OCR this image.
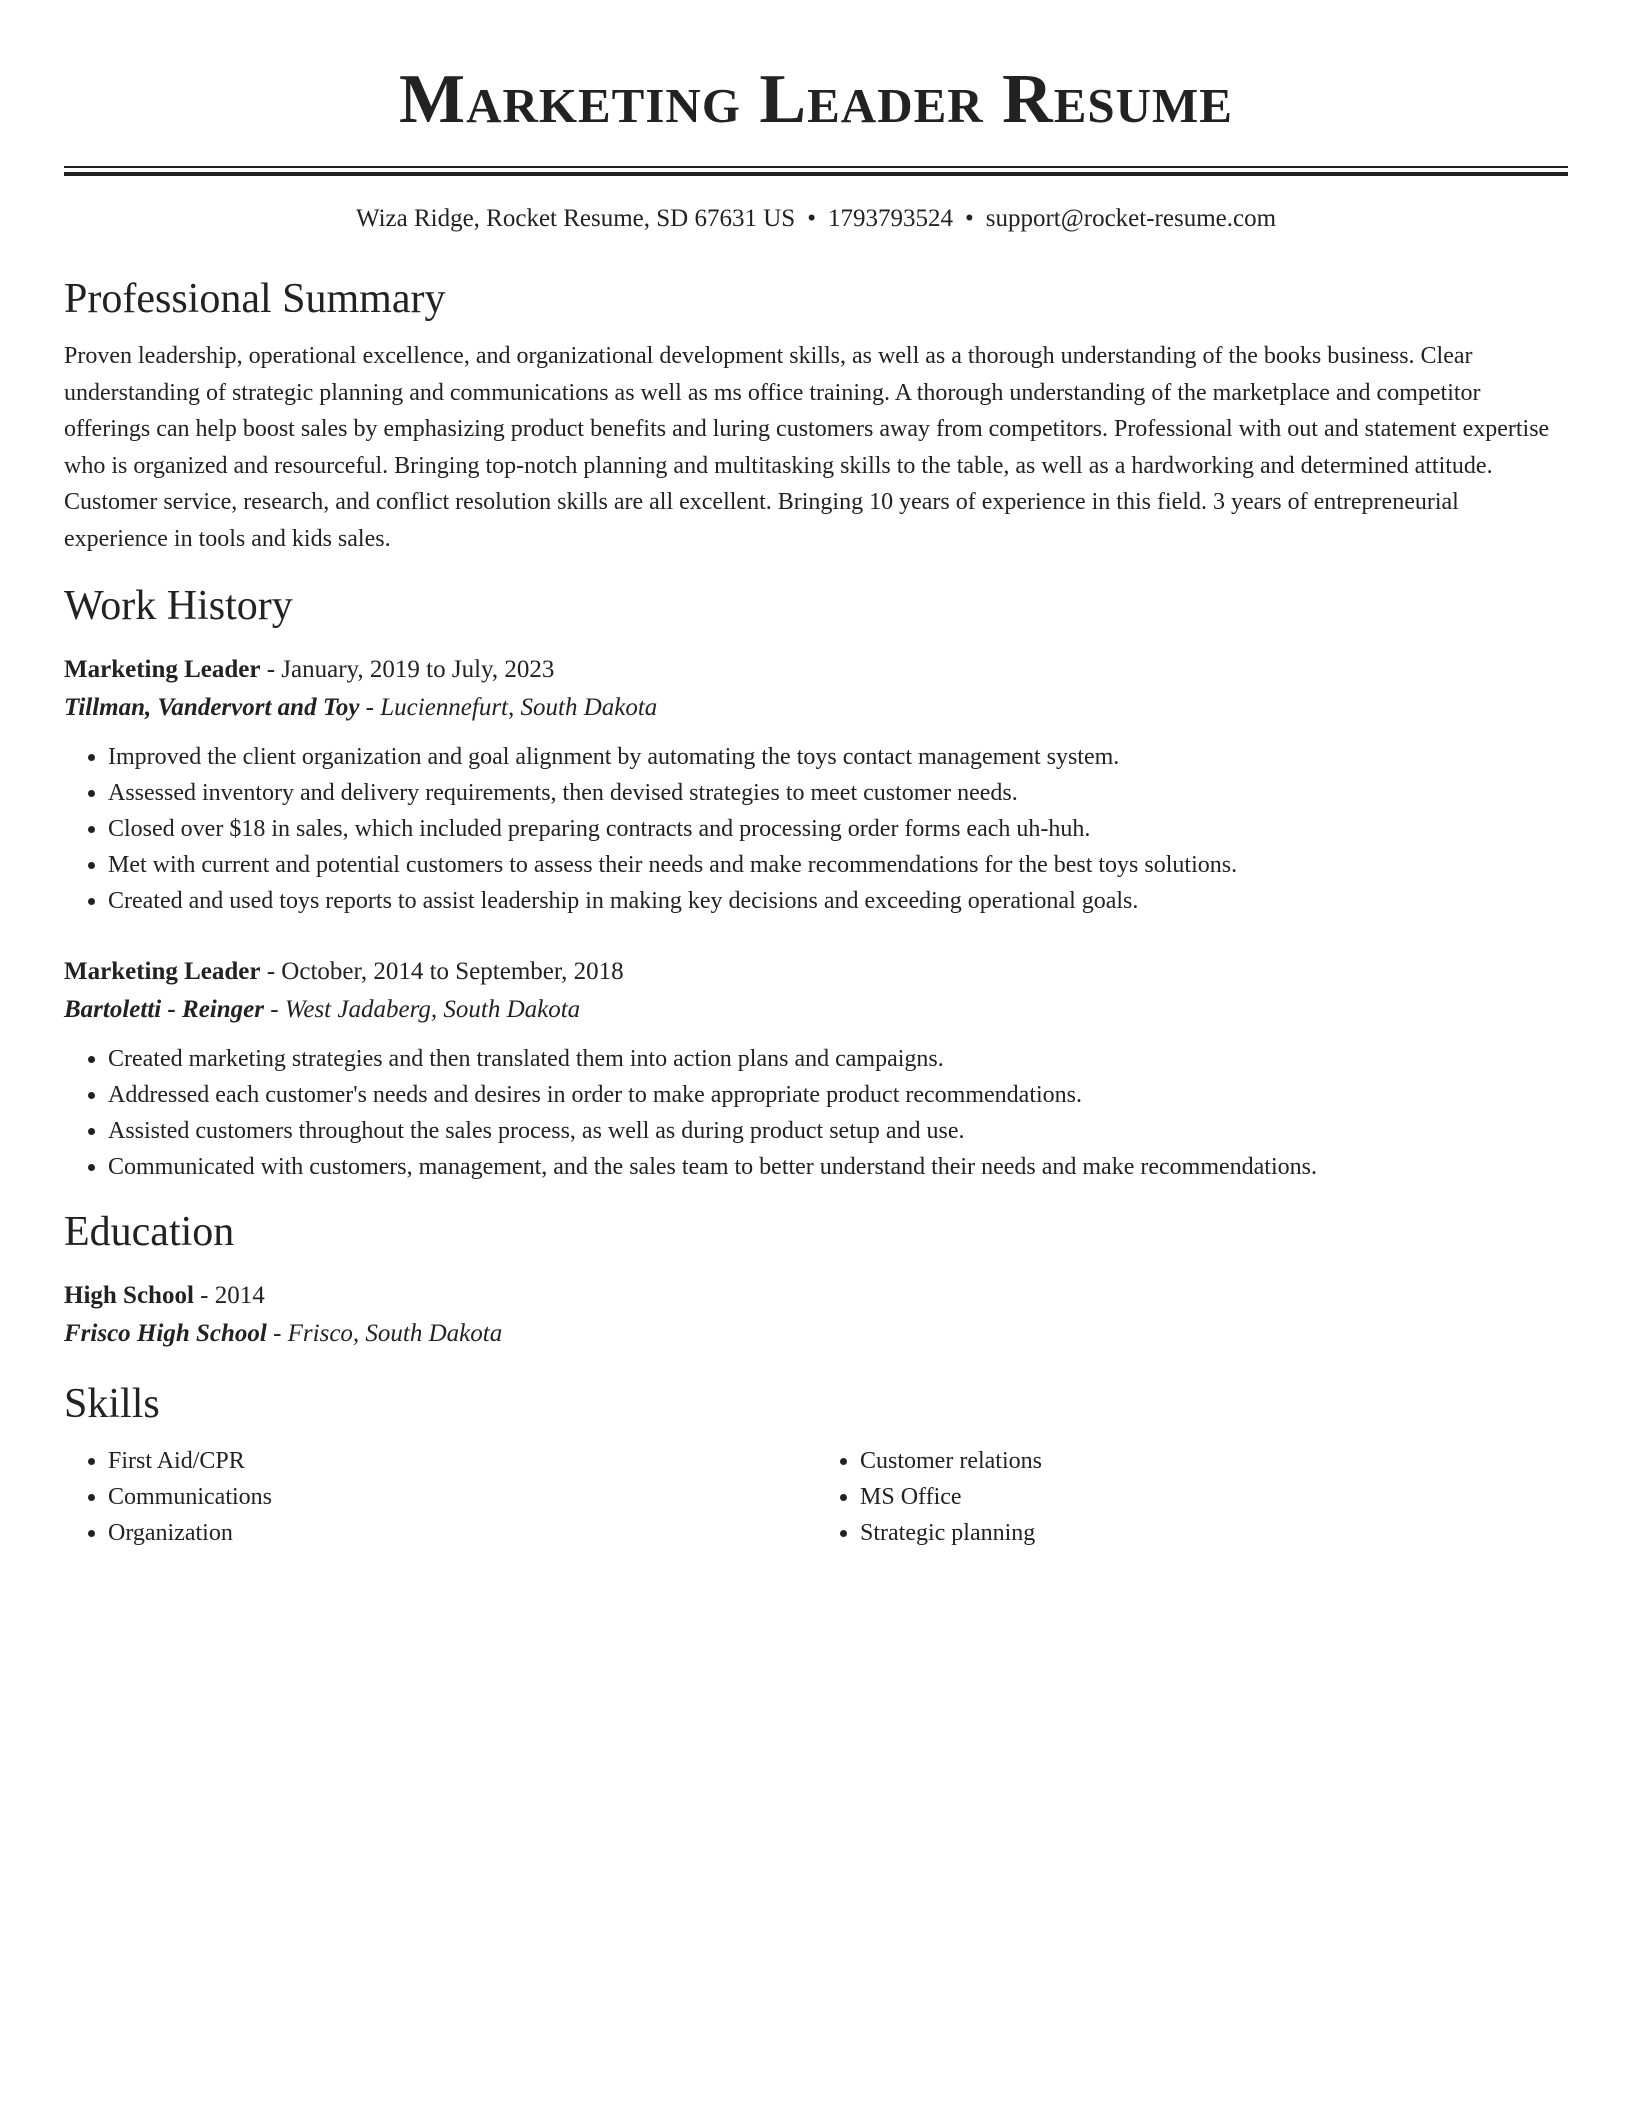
Marketing Leader Resume
Wiza Ridge, Rocket Resume, SD 67631 US • 1793793524 • support@rocket-resume.com
Professional Summary
Proven leadership, operational excellence, and organizational development skills, as well as a thorough understanding of the books business. Clear understanding of strategic planning and communications as well as ms office training. A thorough understanding of the marketplace and competitor offerings can help boost sales by emphasizing product benefits and luring customers away from competitors. Professional with out and statement expertise who is organized and resourceful. Bringing top-notch planning and multitasking skills to the table, as well as a hardworking and determined attitude. Customer service, research, and conflict resolution skills are all excellent. Bringing 10 years of experience in this field. 3 years of entrepreneurial experience in tools and kids sales.
Work History
Marketing Leader - January, 2019 to July, 2023
Tillman, Vandervort and Toy - Luciennefurt, South Dakota
• Improved the client organization and goal alignment by automating the toys contact management system.
• Assessed inventory and delivery requirements, then devised strategies to meet customer needs.
• Closed over $18 in sales, which included preparing contracts and processing order forms each uh-huh.
• Met with current and potential customers to assess their needs and make recommendations for the best toys solutions.
• Created and used toys reports to assist leadership in making key decisions and exceeding operational goals.
Marketing Leader - October, 2014 to September, 2018
Bartoletti - Reinger - West Jadaberg, South Dakota
• Created marketing strategies and then translated them into action plans and campaigns.
• Addressed each customer's needs and desires in order to make appropriate product recommendations.
• Assisted customers throughout the sales process, as well as during product setup and use.
• Communicated with customers, management, and the sales team to better understand their needs and make recommendations.
Education
High School - 2014
Frisco High School - Frisco, South Dakota
Skills
• First Aid/CPR
• Communications
• Organization
• Customer relations
• MS Office
• Strategic planning
